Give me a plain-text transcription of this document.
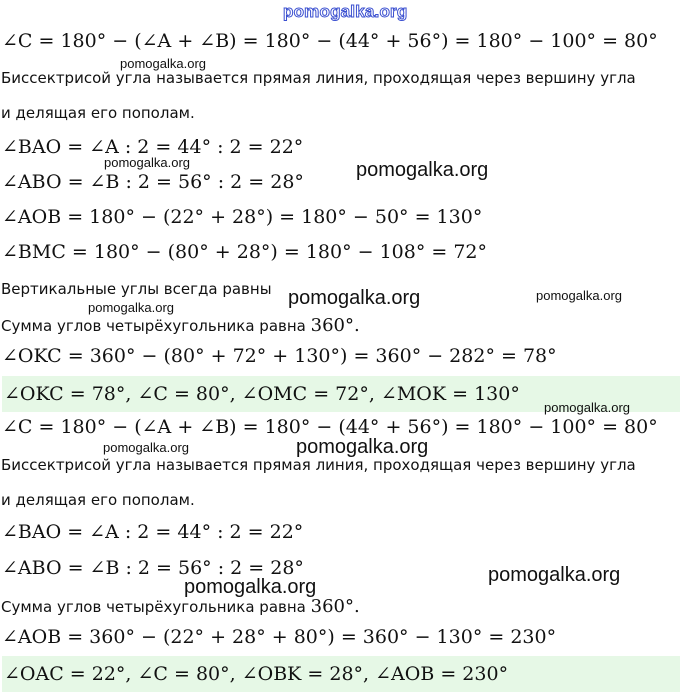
pomogalka.org
∠C = 180° − (∠A + ∠B) = 180° − (44° + 56°) = 180° − 100° = 80°
Биссектрисой угла называется прямая линия, проходящая через вершину угла
и делящая его пополам.
∠BAO = ∠A : 2 = 44° : 2 = 22°
∠ABO = ∠B : 2 = 56° : 2 = 28°
∠AOB = 180° − (22° + 28°) = 180° − 50° = 130°
∠BMC = 180° − (80° + 28°) = 180° − 108° = 72°
Вертикальные углы всегда равны
Сумма углов четырёхугольника равна 360°.
∠OKC = 360° − (80° + 72° + 130°) = 360° − 282° = 78°
∠OKC = 78°, ∠C = 80°, ∠OMC = 72°, ∠MOK = 130°
∠C = 180° − (∠A + ∠B) = 180° − (44° + 56°) = 180° − 100° = 80°
Биссектрисой угла называется прямая линия, проходящая через вершину угла
и делящая его пополам.
∠BAO = ∠A : 2 = 44° : 2 = 22°
∠ABO = ∠B : 2 = 56° : 2 = 28°
Сумма углов четырёхугольника равна 360°.
∠AOB = 360° − (22° + 28° + 80°) = 360° − 130° = 230°
∠OAC = 22°, ∠C = 80°, ∠OBK = 28°, ∠AOB = 230°
pomogalka.org
pomogalka.org	pomogalka.org
pomogalka.org	pomogalka.org
pomogalka.org
pomogalka.org
pomogalka.org	pomogalka.org
pomogalka.org
pomogalka.org
